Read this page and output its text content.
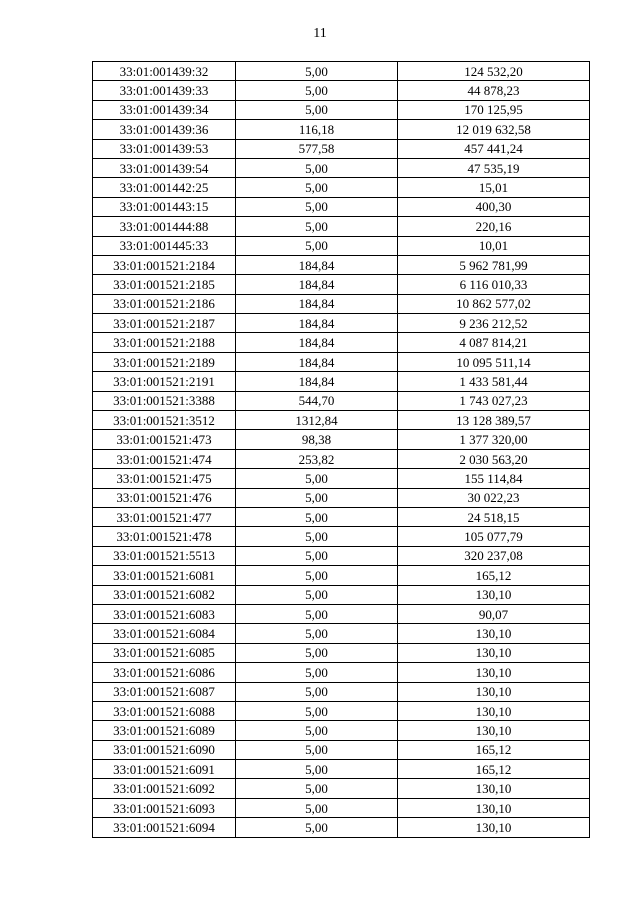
11
33:01:001439:32	5,00	124 532,20
33:01:001439:33	5,00	44 878,23
33:01:001439:34	5,00	170 125,95
33:01:001439:36	116,18	12 019 632,58
33:01:001439:53	577,58	457 441,24
33:01:001439:54	5,00	47 535,19
33:01:001442:25	5,00	15,01
33:01:001443:15	5,00	400,30
33:01:001444:88	5,00	220,16
33:01:001445:33	5,00	10,01
33:01:001521:2184	184,84	5 962 781,99
33:01:001521:2185	184,84	6 116 010,33
33:01:001521:2186	184,84	10 862 577,02
33:01:001521:2187	184,84	9 236 212,52
33:01:001521:2188	184,84	4 087 814,21
33:01:001521:2189	184,84	10 095 511,14
33:01:001521:2191	184,84	1 433 581,44
33:01:001521:3388	544,70	1 743 027,23
33:01:001521:3512	1312,84	13 128 389,57
33:01:001521:473	98,38	1 377 320,00
33:01:001521:474	253,82	2 030 563,20
33:01:001521:475	5,00	155 114,84
33:01:001521:476	5,00	30 022,23
33:01:001521:477	5,00	24 518,15
33:01:001521:478	5,00	105 077,79
33:01:001521:5513	5,00	320 237,08
33:01:001521:6081	5,00	165,12
33:01:001521:6082	5,00	130,10
33:01:001521:6083	5,00	90,07
33:01:001521:6084	5,00	130,10
33:01:001521:6085	5,00	130,10
33:01:001521:6086	5,00	130,10
33:01:001521:6087	5,00	130,10
33:01:001521:6088	5,00	130,10
33:01:001521:6089	5,00	130,10
33:01:001521:6090	5,00	165,12
33:01:001521:6091	5,00	165,12
33:01:001521:6092	5,00	130,10
33:01:001521:6093	5,00	130,10
33:01:001521:6094	5,00	130,10
